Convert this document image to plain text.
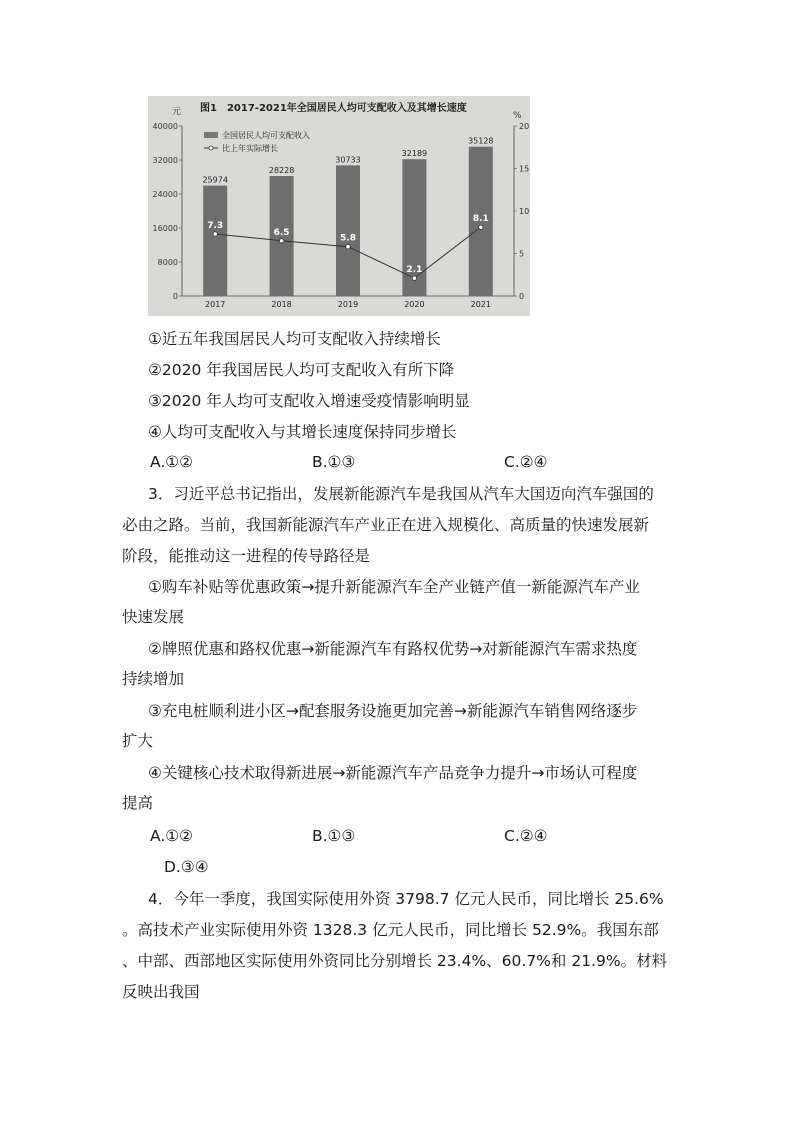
图1　2017-2021年全国居民人均可支配收入及其增长速度
元	%
40000
32000
24000
16000
8000
0
20
15
10
5
0
25974
2017
28228
2018
30733
2019
32189
2020
35128
2021
7.3
6.5
5.8
2.1
8.1
全国居民人均可支配收入
比上年实际增长
①近五年我国居民人均可支配收入持续增长
②2020 年我国居民人均可支配收入有所下降
③2020 年人均可支配收入增速受疫情影响明显
④人均可支配收入与其增长速度保持同步增长
A.①②	B.①③	C.②④
3．习近平总书记指出，发展新能源汽车是我国从汽车大国迈向汽车强国的
必由之路。当前，我国新能源汽车产业正在进入规模化、高质量的快速发展新
阶段，能推动这一进程的传导路径是
①购车补贴等优惠政策→提升新能源汽车全产业链产值一新能源汽车产业
快速发展
②牌照优惠和路权优惠→新能源汽车有路权优势→对新能源汽车需求热度
持续增加
③充电桩顺利进小区→配套服务设施更加完善→新能源汽车销售网络逐步
扩大
④关键核心技术取得新进展→新能源汽车产品竞争力提升→市场认可程度
提高
A.①②	B.①③	C.②④
D.③④
4．今年一季度，我国实际使用外资 3798.7 亿元人民币，同比增长 25.6%
。高技术产业实际使用外资 1328.3 亿元人民币，同比增长 52.9%。我国东部
、中部、西部地区实际使用外资同比分别增长 23.4%、60.7%和 21.9%。材料
反映出我国
